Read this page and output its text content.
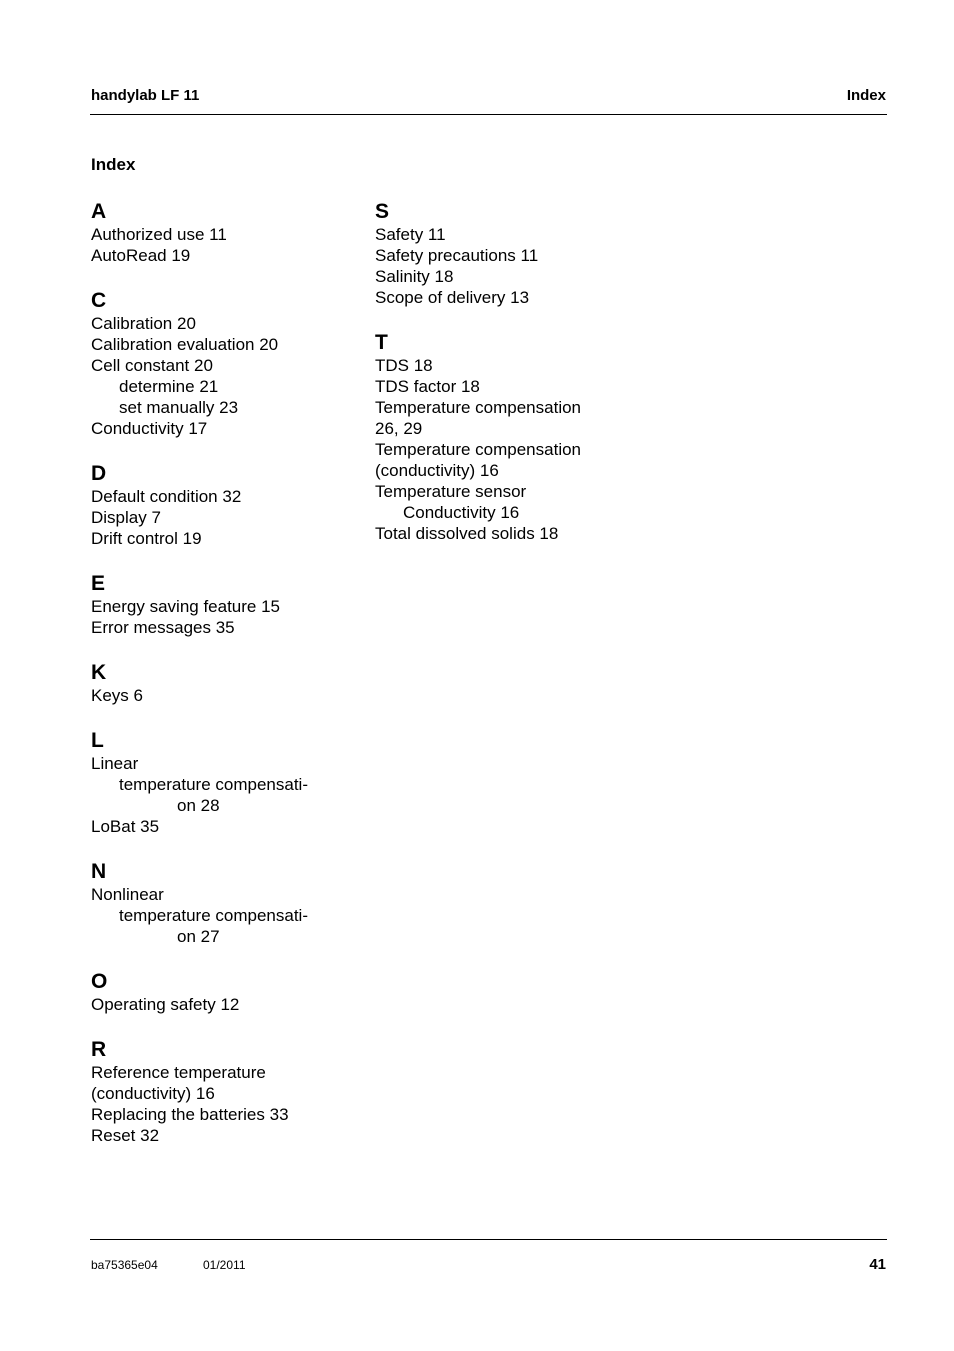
handylab LF 11	Index
Index
A
Authorized use 11
AutoRead 19
C
Calibration 20
Calibration evaluation 20
Cell constant 20
determine 21
set manually 23
Conductivity 17
D
Default condition 32
Display 7
Drift control 19
E
Energy saving feature 15
Error messages 35
K
Keys 6
L
Linear
temperature compensati-
on 28
LoBat 35
N
Nonlinear
temperature compensati-
on 27
O
Operating safety 12
R
Reference temperature
(conductivity) 16
Replacing the batteries 33
Reset 32
S
Safety 11
Safety precautions 11
Salinity 18
Scope of delivery 13
T
TDS 18
TDS factor 18
Temperature compensation
26, 29
Temperature compensation
(conductivity) 16
Temperature sensor
Conductivity 16
Total dissolved solids 18
ba75365e04	01/2011	41
